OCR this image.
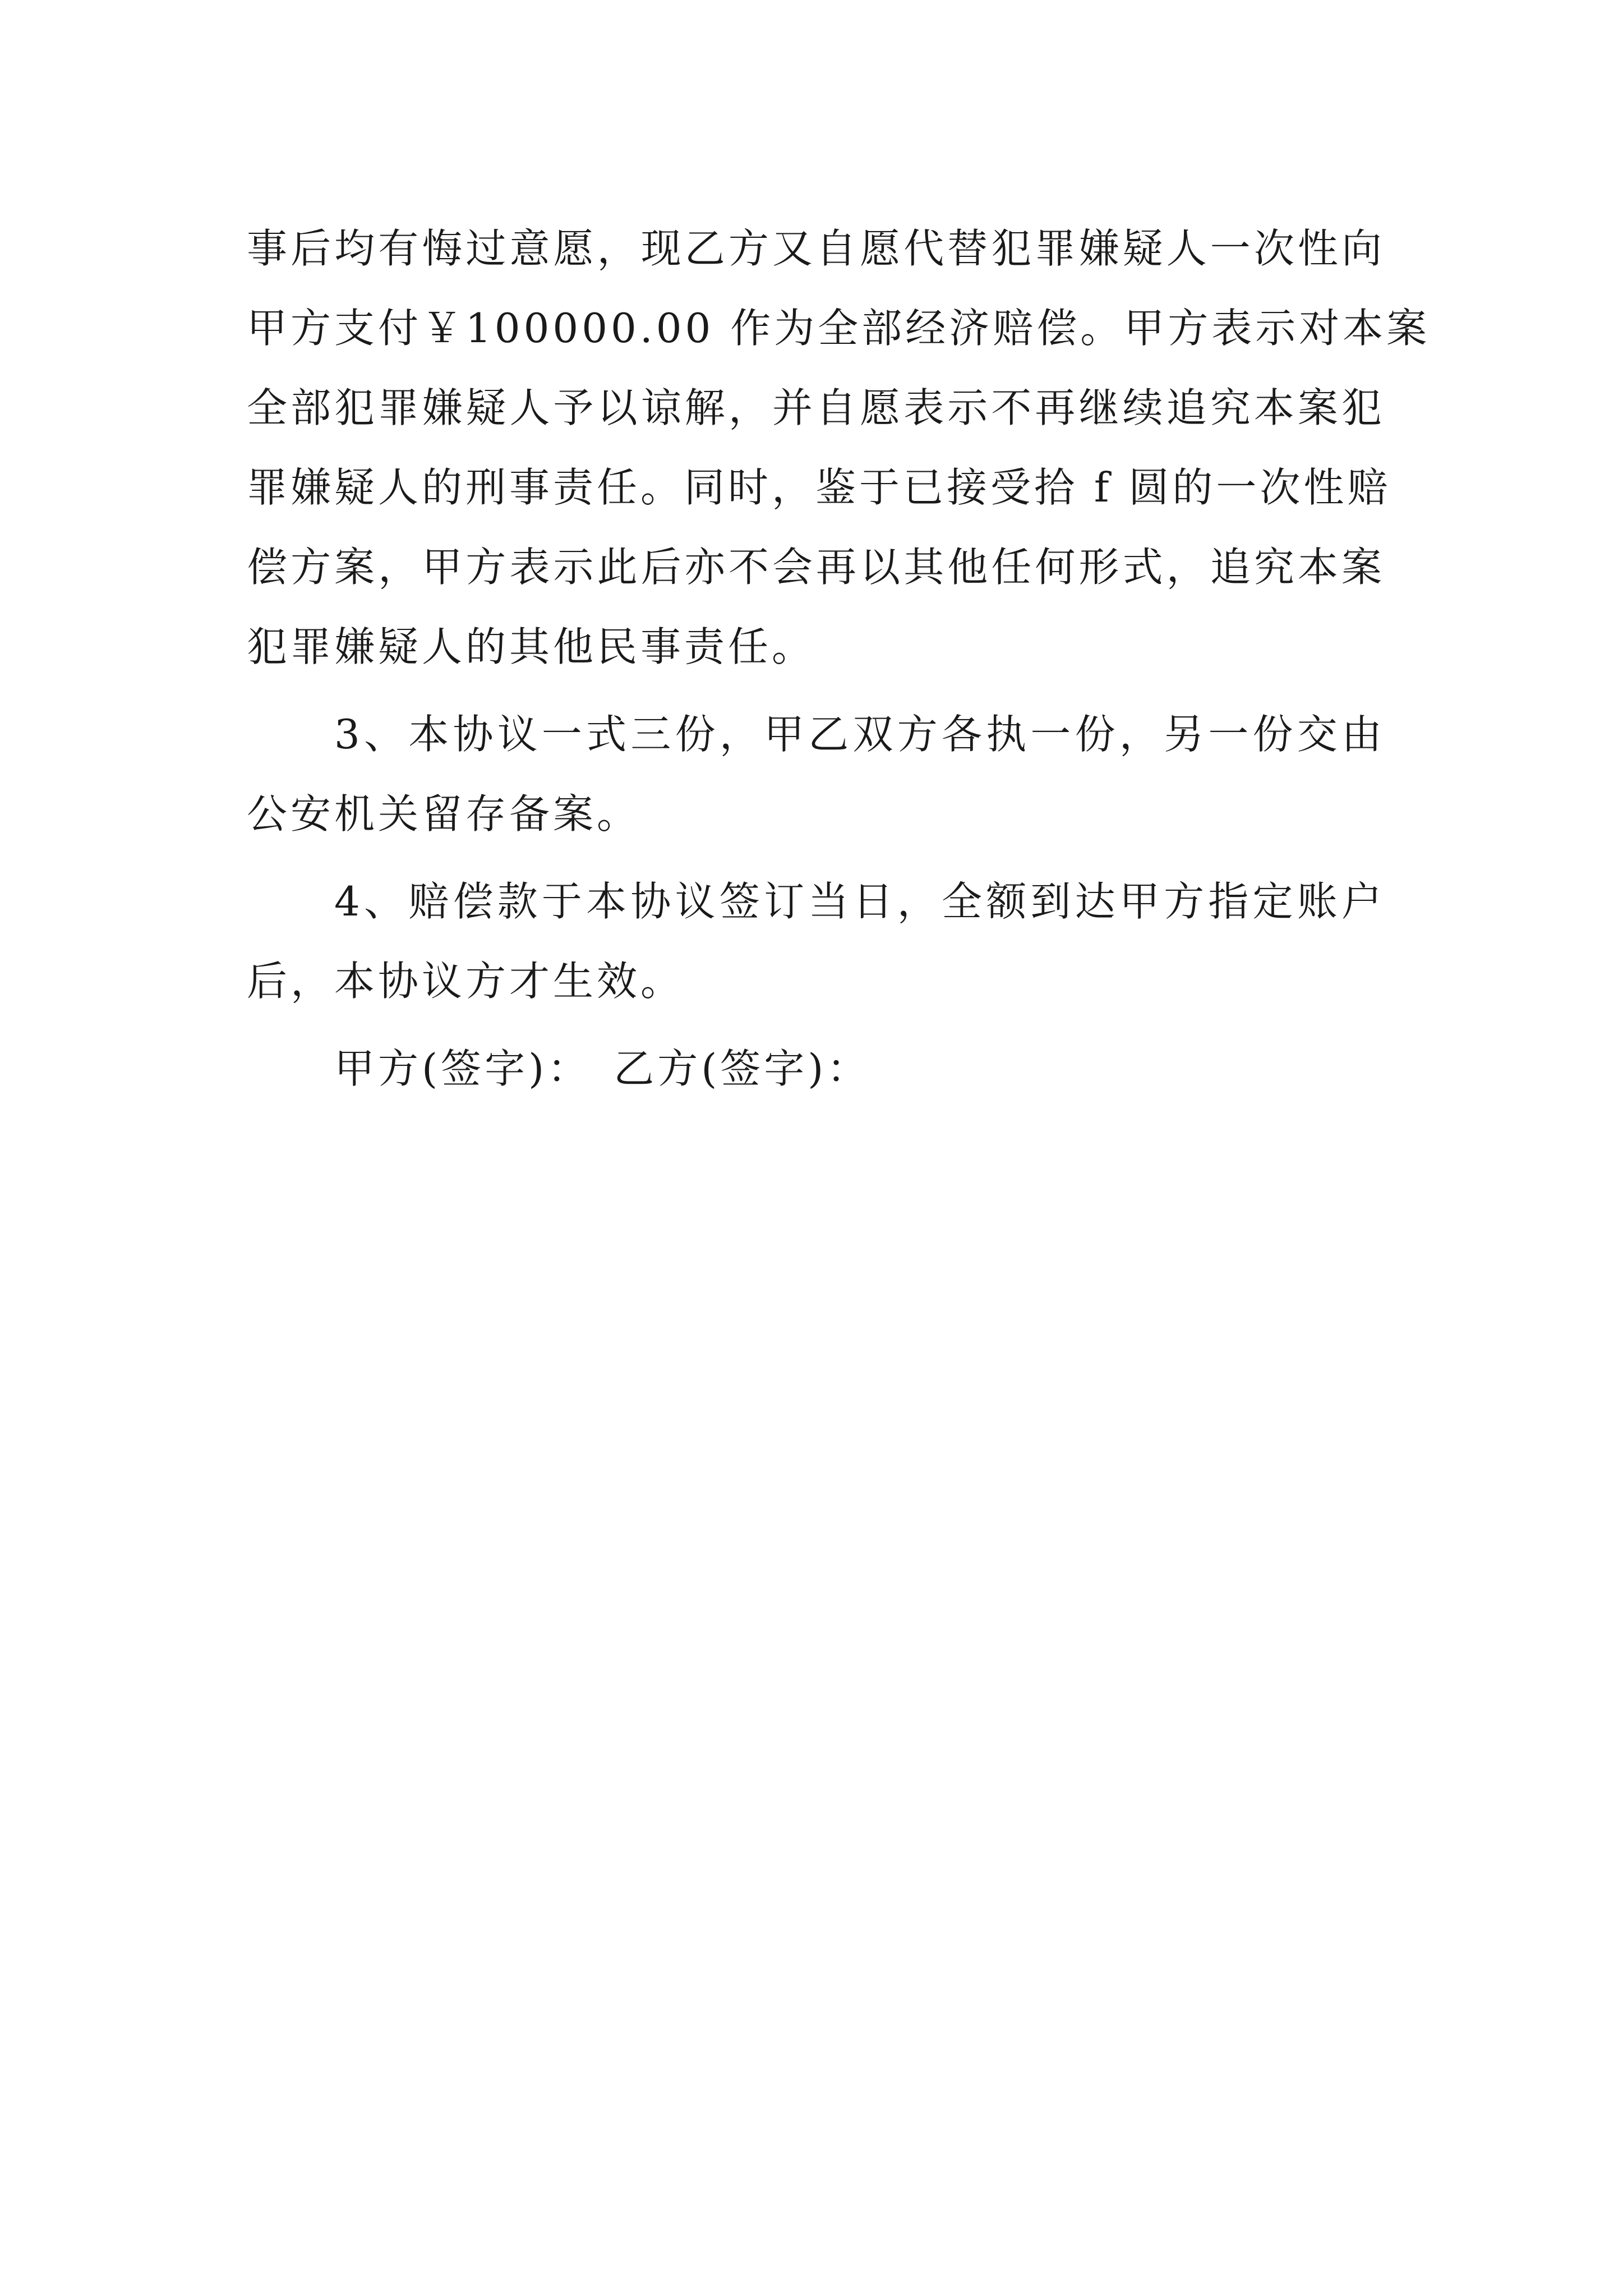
事后均有悔过意愿，现乙方又自愿代替犯罪嫌疑人一次性向
甲方支付￥100000.00 作为全部经济赔偿。甲方表示对本案
全部犯罪嫌疑人予以谅解，并自愿表示不再继续追究本案犯
罪嫌疑人的刑事责任。同时，鉴于已接受拾 f 圆的一次性赔
偿方案，甲方表示此后亦不会再以其他任何形式，追究本案
犯罪嫌疑人的其他民事责任。
3、本协议一式三份，甲乙双方各执一份，另一份交由
公安机关留存备案。
4、赔偿款于本协议签订当日，全额到达甲方指定账户
后，本协议方才生效。
甲方(签字)： 乙方(签字)：
